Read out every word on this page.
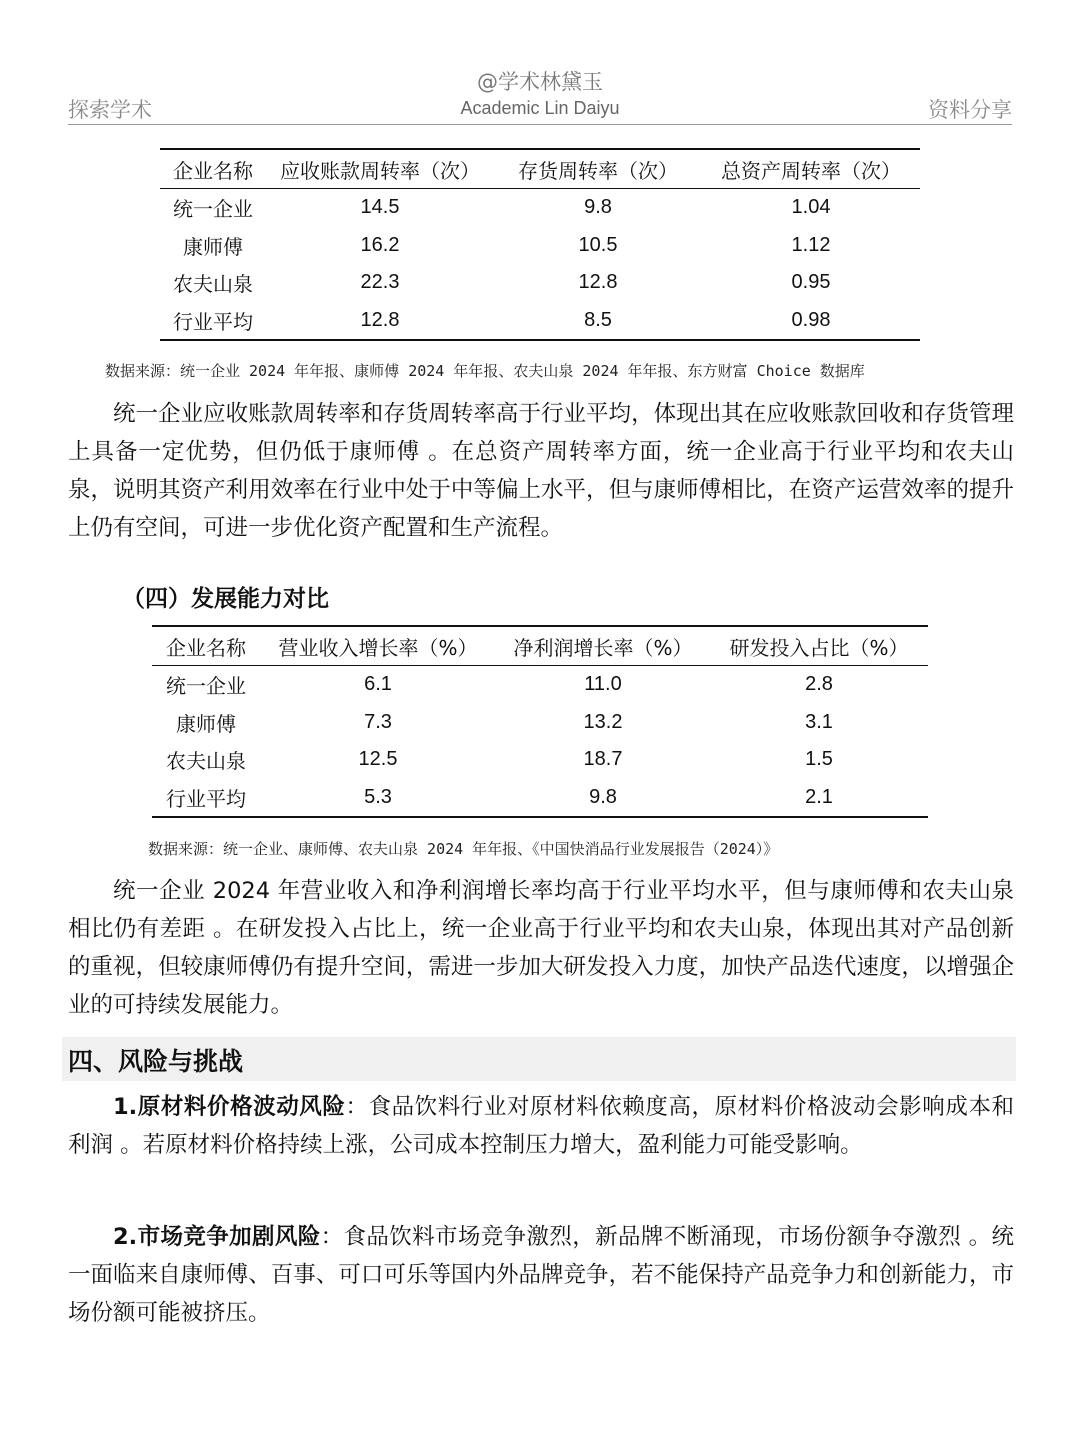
@学术林黛玉
探索学术	Academic Lin Daiyu	资料分享
企业名称	应收账款周转率（次）	存货周转率（次）	总资产周转率（次）
统一企业	14.5	9.8	1.04
康师傅	16.2	10.5	1.12
农夫山泉	22.3	12.8	0.95
行业平均	12.8	8.5	0.98
数据来源：统一企业 2024 年年报、康师傅 2024 年年报、农夫山泉 2024 年年报、东方财富 Choice 数据库

统一企业应收账款周转率和存货周转率高于行业平均，体现出其在应收账款回收和存货管理上具备一定优势，但仍低于康师傅 。在总资产周转率方面，统一企业高于行业平均和农夫山泉，说明其资产利用效率在行业中处于中等偏上水平，但与康师傅相比，在资产运营效率的提升上仍有空间，可进一步优化资产配置和生产流程。

（四）发展能力对比
企业名称	营业收入增长率（%）	净利润增长率（%）	研发投入占比（%）
统一企业	6.1	11.0	2.8
康师傅	7.3	13.2	3.1
农夫山泉	12.5	18.7	1.5
行业平均	5.3	9.8	2.1
数据来源：统一企业、康师傅、农夫山泉 2024 年年报、《中国快消品行业发展报告（2024）》

统一企业 2024 年营业收入和净利润增长率均高于行业平均水平，但与康师傅和农夫山泉相比仍有差距 。在研发投入占比上，统一企业高于行业平均和农夫山泉，体现出其对产品创新的重视，但较康师傅仍有提升空间，需进一步加大研发投入力度，加快产品迭代速度，以增强企业的可持续发展能力。

四、风险与挑战

1.原材料价格波动风险：食品饮料行业对原材料依赖度高，原材料价格波动会影响成本和利润 。若原材料价格持续上涨，公司成本控制压力增大，盈利能力可能受影响。

2.市场竞争加剧风险：食品饮料市场竞争激烈，新品牌不断涌现，市场份额争夺激烈 。统一面临来自康师傅、百事、可口可乐等国内外品牌竞争，若不能保持产品竞争力和创新能力，市场份额可能被挤压。
